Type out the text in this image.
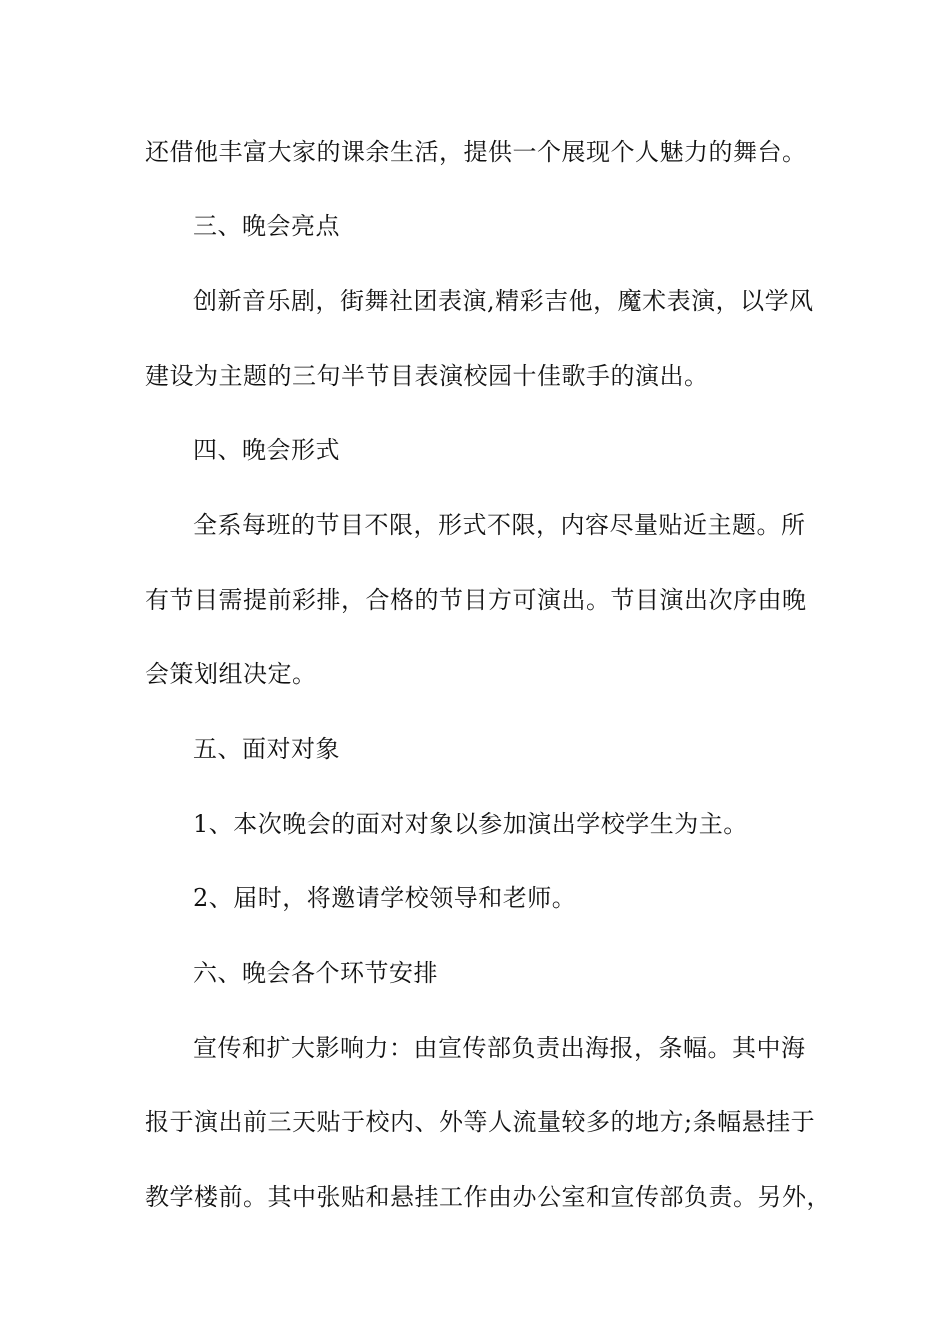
还借他丰富大家的课余生活，提供一个展现个人魅力的舞台。
三、晚会亮点
创新音乐剧，街舞社团表演,精彩吉他，魔术表演，以学风
建设为主题的三句半节目表演校园十佳歌手的演出。
四、晚会形式
全系每班的节目不限，形式不限，内容尽量贴近主题。所
有节目需提前彩排，合格的节目方可演出。节目演出次序由晚
会策划组决定。
五、面对对象
1、本次晚会的面对对象以参加演出学校学生为主。
2、届时，将邀请学校领导和老师。
六、晚会各个环节安排
宣传和扩大影响力：由宣传部负责出海报，条幅。其中海
报于演出前三天贴于校内、外等人流量较多的地方;条幅悬挂于
教学楼前。其中张贴和悬挂工作由办公室和宣传部负责。另外，
